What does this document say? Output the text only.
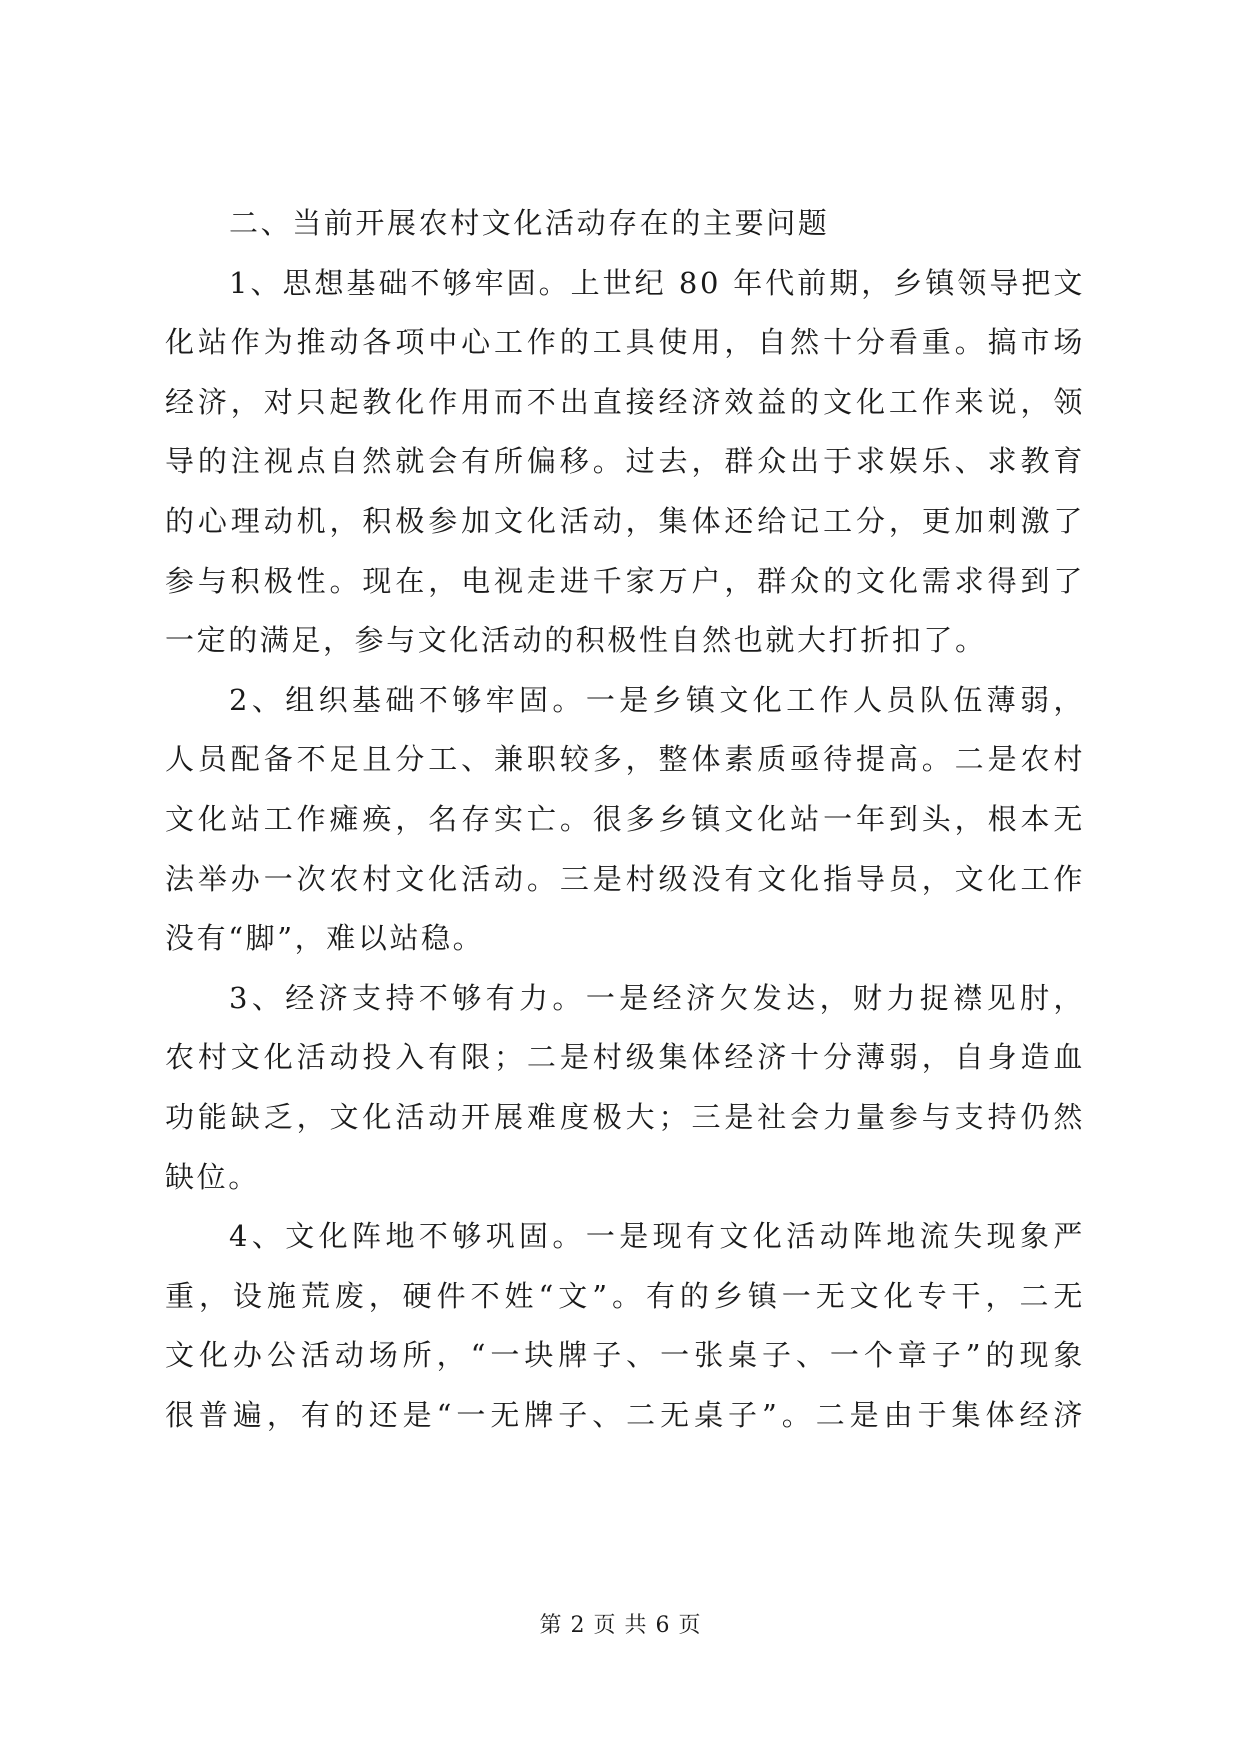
二、当前开展农村文化活动存在的主要问题
1、思想基础不够牢固。上世纪 80 年代前期，乡镇领导把文
化站作为推动各项中心工作的工具使用，自然十分看重。搞市场
经济，对只起教化作用而不出直接经济效益的文化工作来说，领
导的注视点自然就会有所偏移。过去，群众出于求娱乐、求教育
的心理动机，积极参加文化活动，集体还给记工分，更加刺激了
参与积极性。现在，电视走进千家万户，群众的文化需求得到了
一定的满足，参与文化活动的积极性自然也就大打折扣了。
2、组织基础不够牢固。一是乡镇文化工作人员队伍薄弱，
人员配备不足且分工、兼职较多，整体素质亟待提高。二是农村
文化站工作瘫痪，名存实亡。很多乡镇文化站一年到头，根本无
法举办一次农村文化活动。三是村级没有文化指导员，文化工作
没有“脚”，难以站稳。
3、经济支持不够有力。一是经济欠发达，财力捉襟见肘，
农村文化活动投入有限；二是村级集体经济十分薄弱，自身造血
功能缺乏，文化活动开展难度极大；三是社会力量参与支持仍然
缺位。
4、文化阵地不够巩固。一是现有文化活动阵地流失现象严
重，设施荒废，硬件不姓“文”。有的乡镇一无文化专干，二无
文化办公活动场所，“一块牌子、一张桌子、一个章子”的现象
很普遍，有的还是“一无牌子、二无桌子”。二是由于集体经济
第 2 页 共 6 页
